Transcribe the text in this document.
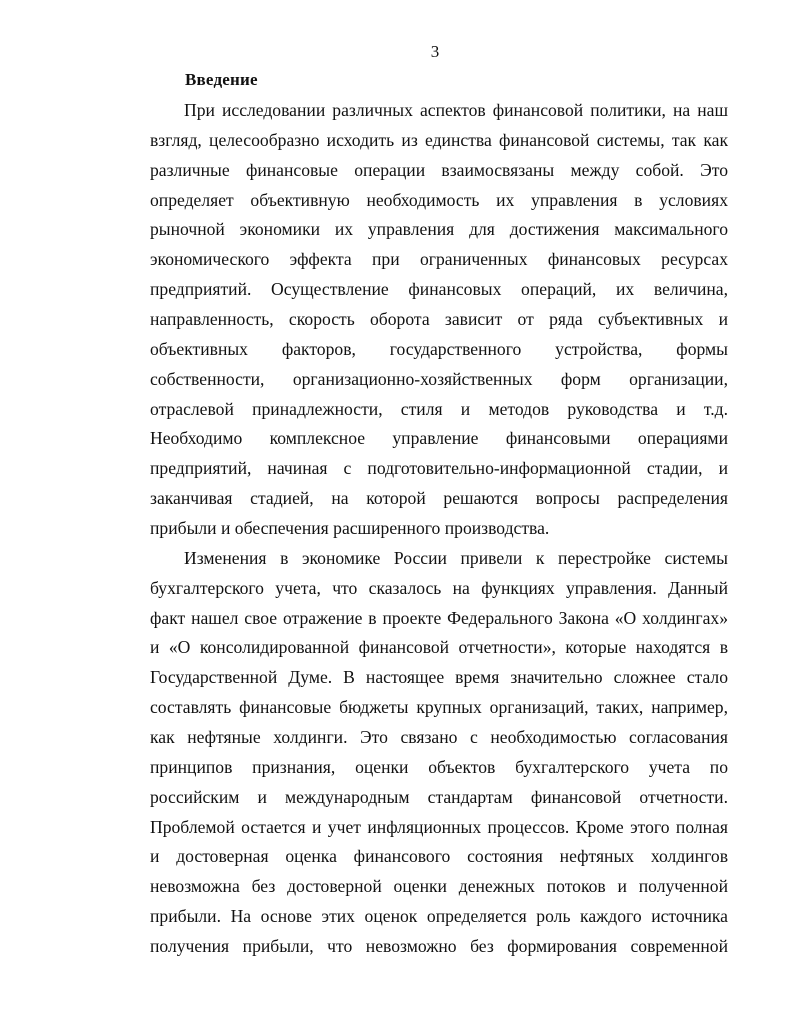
3
Введение
При исследовании различных аспектов финансовой политики, на наш
взгляд, целесообразно исходить из единства финансовой системы, так как
различные финансовые операции взаимосвязаны между собой. Это
определяет объективную необходимость их управления в условиях
рыночной экономики их управления для достижения максимального
экономического эффекта при ограниченных финансовых ресурсах
предприятий. Осуществление финансовых операций, их величина,
направленность, скорость оборота зависит от ряда субъективных и
объективных факторов, государственного устройства, формы
собственности, организационно-хозяйственных форм организации,
отраслевой принадлежности, стиля и методов руководства и т.д.
Необходимо комплексное управление финансовыми операциями
предприятий, начиная с подготовительно-информационной стадии, и
заканчивая стадией, на которой решаются вопросы распределения
прибыли и обеспечения расширенного производства.
Изменения в экономике России привели к перестройке системы
бухгалтерского учета, что сказалось на функциях управления. Данный
факт нашел свое отражение в проекте Федерального Закона «О холдингах»
и «О консолидированной финансовой отчетности», которые находятся в
Государственной Думе. В настоящее время значительно сложнее стало
составлять финансовые бюджеты крупных организаций, таких, например,
как нефтяные холдинги. Это связано с необходимостью согласования
принципов признания, оценки объектов бухгалтерского учета по
российским и международным стандартам финансовой отчетности.
Проблемой остается и учет инфляционных процессов. Кроме этого полная
и достоверная оценка финансового состояния нефтяных холдингов
невозможна без достоверной оценки денежных потоков и полученной
прибыли. На основе этих оценок определяется роль каждого источника
получения прибыли, что невозможно без формирования современной
